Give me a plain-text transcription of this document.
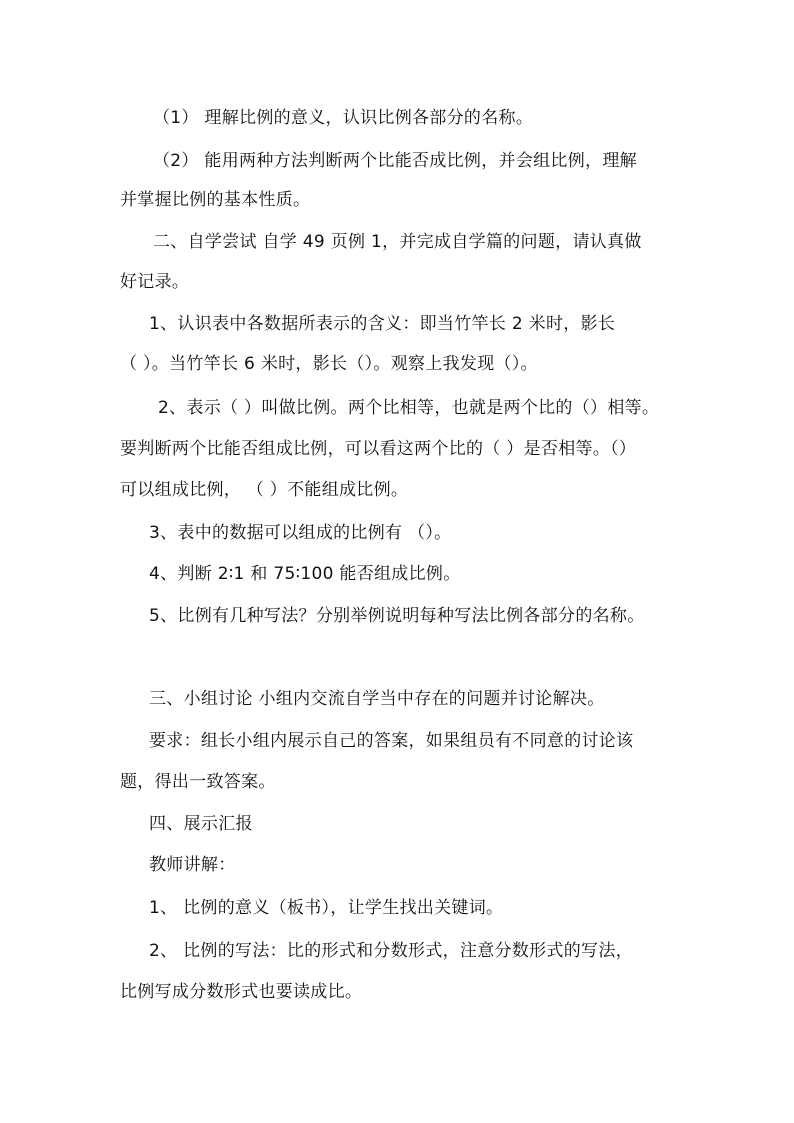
（1） 理解比例的意义，认识比例各部分的名称。
（2） 能用两种方法判断两个比能否成比例，并会组比例，理解
并掌握比例的基本性质。
二、自学尝试 自学 49 页例 1，并完成自学篇的问题，请认真做
好记录。
1、认识表中各数据所表示的含义：即当竹竿长 2 米时，影长
（ ）。当竹竿长 6 米时，影长（）。观察上我发现（）。
2、表示（ ）叫做比例。两个比相等，也就是两个比的（）相等。
要判断两个比能否组成比例，可以看这两个比的（ ）是否相等。（）
可以组成比例， （ ）不能组成比例。
3、表中的数据可以组成的比例有 （）。
4、判断 2∶1 和 75∶100 能否组成比例。
5、比例有几种写法？分别举例说明每种写法比例各部分的名称。
三、小组讨论 小组内交流自学当中存在的问题并讨论解决。
要求：组长小组内展示自己的答案，如果组员有不同意的讨论该
题，得出一致答案。
四、展示汇报
教师讲解：
1、 比例的意义（板书），让学生找出关键词。
2、 比例的写法：比的形式和分数形式，注意分数形式的写法，
比例写成分数形式也要读成比。
